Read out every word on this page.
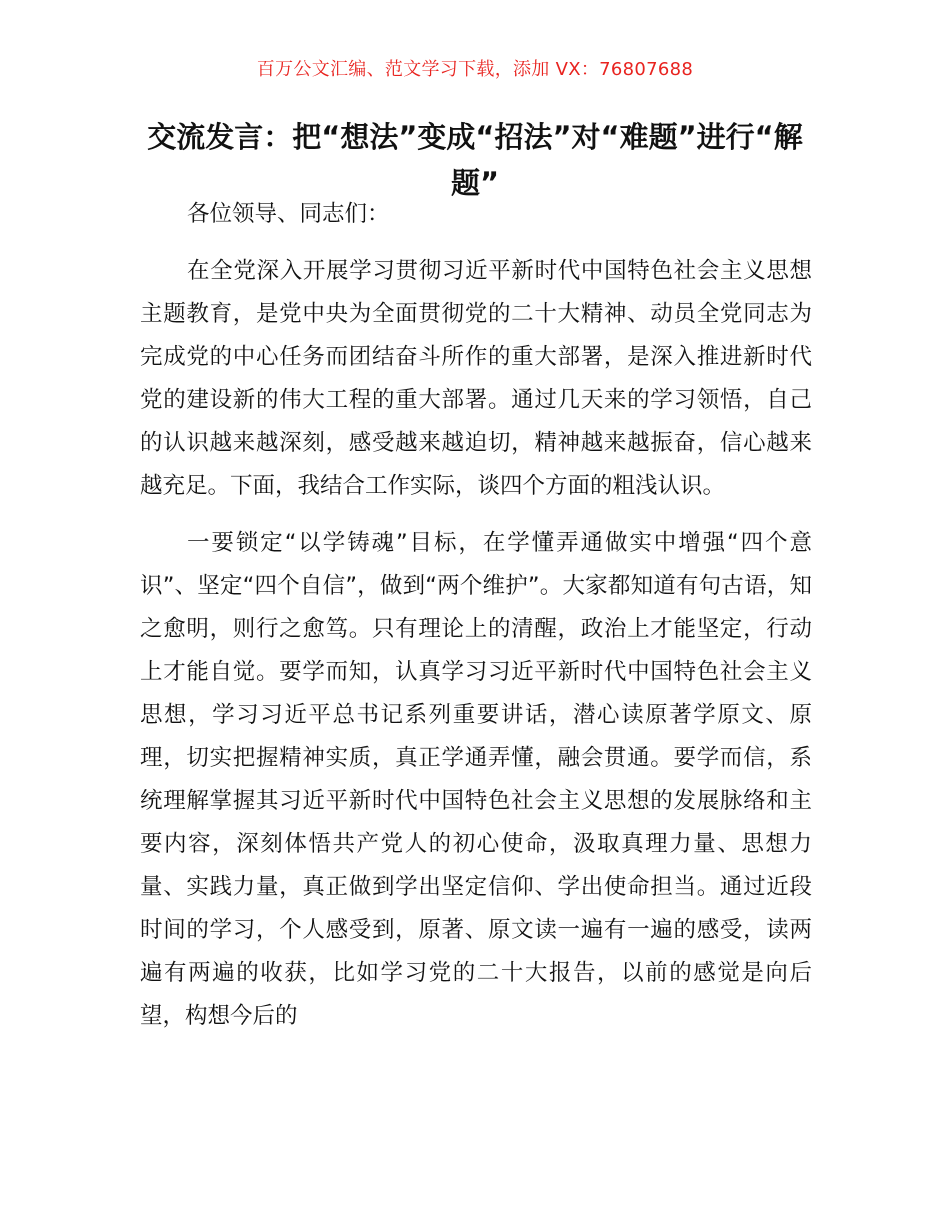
百万公文汇编、范文学习下载，添加 VX：76807688
交流发言：把“想法”变成“招法”对“难题”进行“解题”

各位领导、同志们：

在全党深入开展学习贯彻习近平新时代中国特色社会主义思想主题教育，是党中央为全面贯彻党的二十大精神、动员全党同志为完成党的中心任务而团结奋斗所作的重大部署，是深入推进新时代党的建设新的伟大工程的重大部署。通过几天来的学习领悟，自己的认识越来越深刻，感受越来越迫切，精神越来越振奋，信心越来越充足。下面，我结合工作实际，谈四个方面的粗浅认识。

一要锁定“以学铸魂”目标，在学懂弄通做实中增强“四个意识”、坚定“四个自信”，做到“两个维护”。大家都知道有句古语，知之愈明，则行之愈笃。只有理论上的清醒，政治上才能坚定，行动上才能自觉。要学而知，认真学习习近平新时代中国特色社会主义思想，学习习近平总书记系列重要讲话，潜心读原著学原文、原理，切实把握精神实质，真正学通弄懂，融会贯通。要学而信，系统理解掌握其习近平新时代中国特色社会主义思想的发展脉络和主要内容，深刻体悟共产党人的初心使命，汲取真理力量、思想力量、实践力量，真正做到学出坚定信仰、学出使命担当。通过近段时间的学习，个人感受到，原著、原文读一遍有一遍的感受，读两遍有两遍的收获，比如学习党的二十大报告，以前的感觉是向后望，构想今后的
